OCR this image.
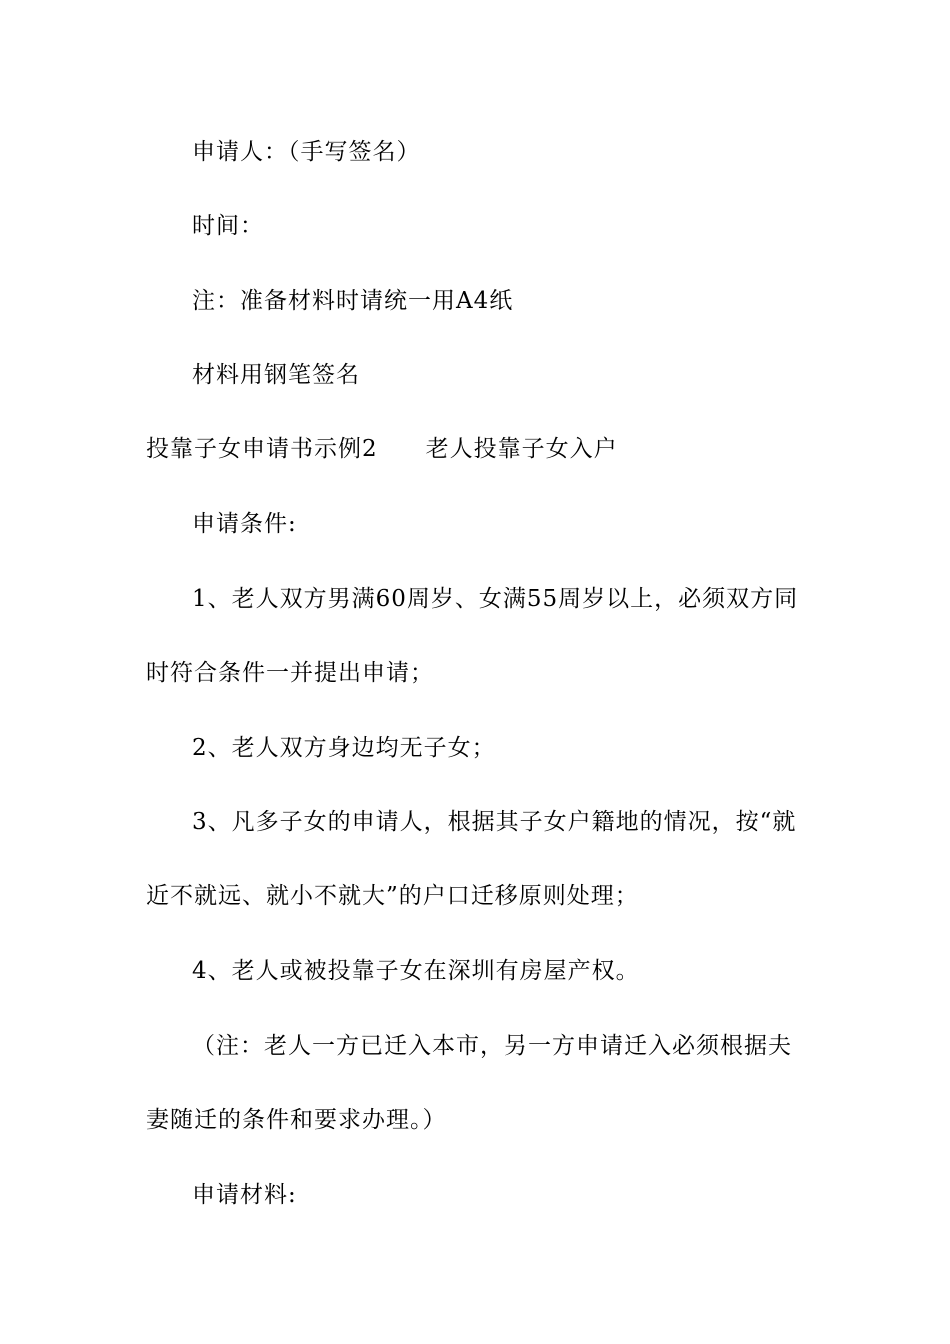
申请人：（手写签名）
时间：
注：准备材料时请统一用A4纸
材料用钢笔签名
投靠子女申请书示例2 老人投靠子女入户
申请条件:
1、老人双方男满60周岁、女满55周岁以上，必须双方同
时符合条件一并提出申请；
2、老人双方身边均无子女；
3、凡多子女的申请人，根据其子女户籍地的情况，按“就
近不就远、就小不就大”的户口迁移原则处理；
4、老人或被投靠子女在深圳有房屋产权。
（注：老人一方已迁入本市，另一方申请迁入必须根据夫
妻随迁的条件和要求办理。）
申请材料:
